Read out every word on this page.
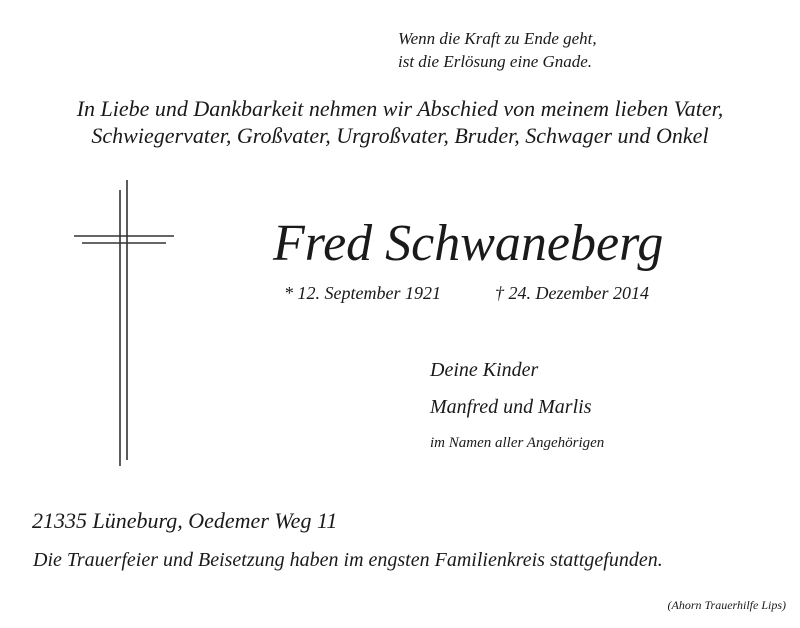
Wenn die Kraft zu Ende geht,
ist die Erlösung eine Gnade.
In Liebe und Dankbarkeit nehmen wir Abschied von meinem lieben Vater,
Schwiegervater, Großvater, Urgroßvater, Bruder, Schwager und Onkel
Fred Schwaneberg
* 12. September 1921	† 24. Dezember 2014
Deine Kinder
Manfred und Marlis
im Namen aller Angehörigen
21335 Lüneburg, Oedemer Weg 11
Die Trauerfeier und Beisetzung haben im engsten Familienkreis stattgefunden.
(Ahorn Trauerhilfe Lips)
